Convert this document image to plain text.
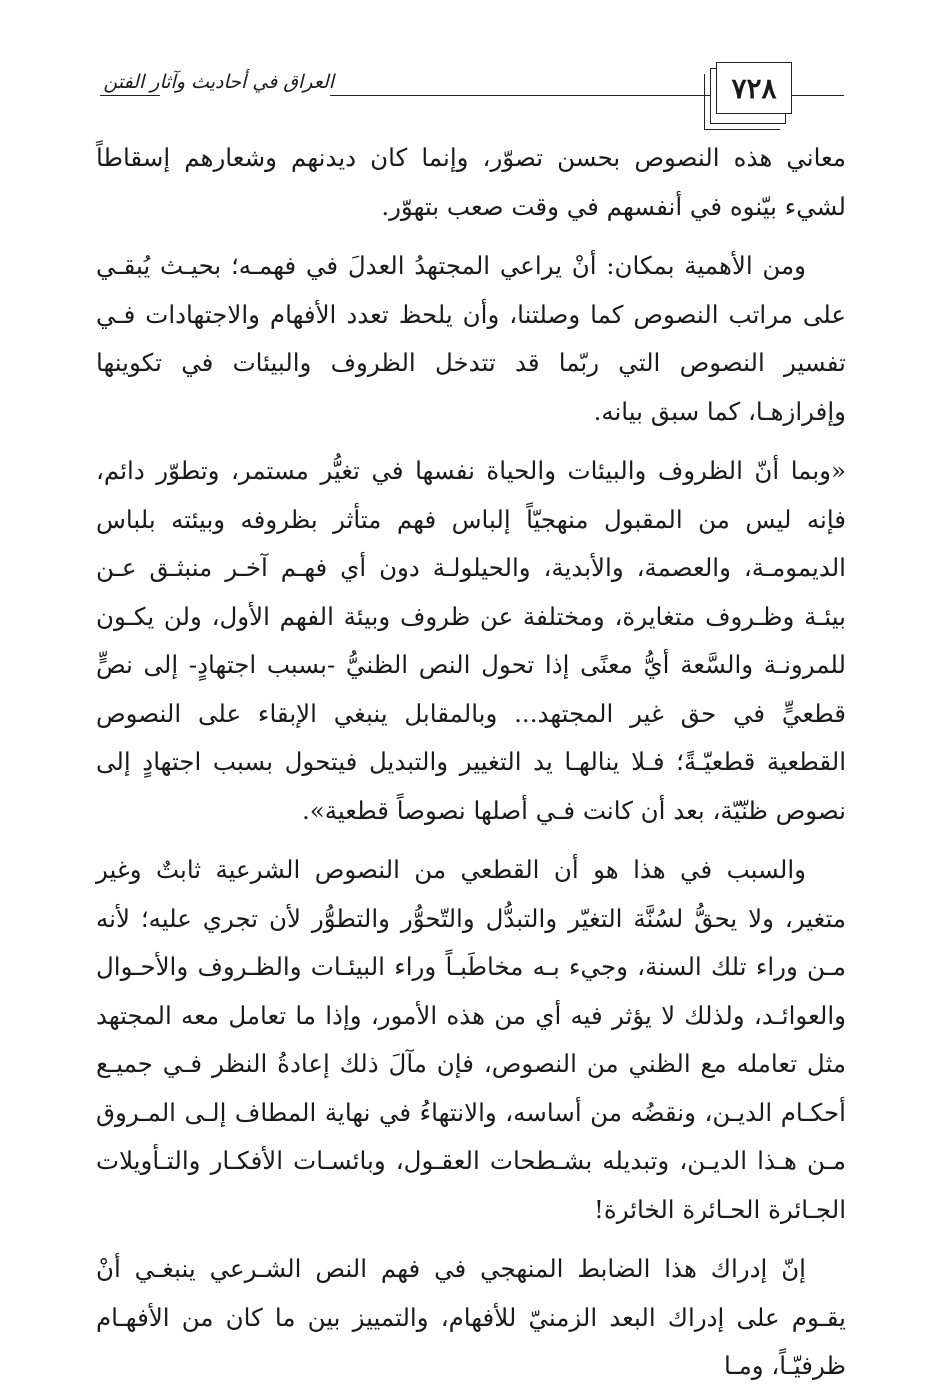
٧٢٨
العراق في أحاديث وآثار الفتن

معاني هذه النصوص بحسن تصوّر، وإنما كان ديدنهم وشعارهم إسقاطاً لشيء بيّنوه في أنفسهم في وقت صعب بتهوّر.

ومن الأهمية بمكان: أنْ يراعي المجتهدُ العدلَ في فهمـه؛ بحيـث يُبقـي على مراتب النصوص كما وصلتنا، وأن يلحظ تعدد الأفهام والاجتهادات فـي تفسير النصوص التي ربّما قد تتدخل الظروف والبيئات في تكوينها وإفرازهـا، كما سبق بيانه.

«وبما أنّ الظروف والبيئات والحياة نفسها في تغيُّر مستمر، وتطوّر دائم، فإنه ليس من المقبول منهجيّاً إلباس فهم متأثر بظروفه وبيئته بلباس الديمومـة، والعصمة، والأبدية، والحيلولـة دون أي فهـم آخـر منبثـق عـن بيئـة وظـروف متغايرة، ومختلفة عن ظروف وبيئة الفهم الأول، ولن يكـون للمرونـة والسَّعة أيُّ معنًى إذا تحول النص الظنيُّ -بسبب اجتهادٍ- إلى نصٍّ قطعيٍّ في حق غير المجتهد... وبالمقابل ينبغي الإبقاء على النصوص القطعية قطعيّـةً؛ فـلا ينالهـا يد التغيير والتبديل فيتحول بسبب اجتهادٍ إلى نصوص ظنّيّة، بعد أن كانت فـي أصلها نصوصاً قطعية».

والسبب في هذا هو أن القطعي من النصوص الشرعية ثابتٌ وغير متغير، ولا يحقُّ لسُنَّة التغيّر والتبدُّل والتّحوُّر والتطوُّر لأن تجري عليه؛ لأنه مـن وراء تلك السنة، وجيء بـه مخاطَبـاً وراء البيئـات والظـروف والأحـوال والعوائـد، ولذلك لا يؤثر فيه أي من هذه الأمور، وإذا ما تعامل معه المجتهد مثل تعامله مع الظني من النصوص، فإن مآلَ ذلك إعادةُ النظر فـي جميـع أحكـام الديـن، ونقضُه من أساسه، والانتهاءُ في نهاية المطاف إلـى المـروق مـن هـذا الديـن، وتبديله بشـطحات العقـول، وبائسـات الأفكـار والتـأويلات الجـائرة الحـائرة الخائرة!

إنّ إدراك هذا الضابط المنهجي في فهم النص الشـرعي ينبغـي أنْ يقـوم على إدراك البعد الزمنيّ للأفهام، والتمييز بين ما كان من الأفهـام ظرفيّـاً، ومـا
